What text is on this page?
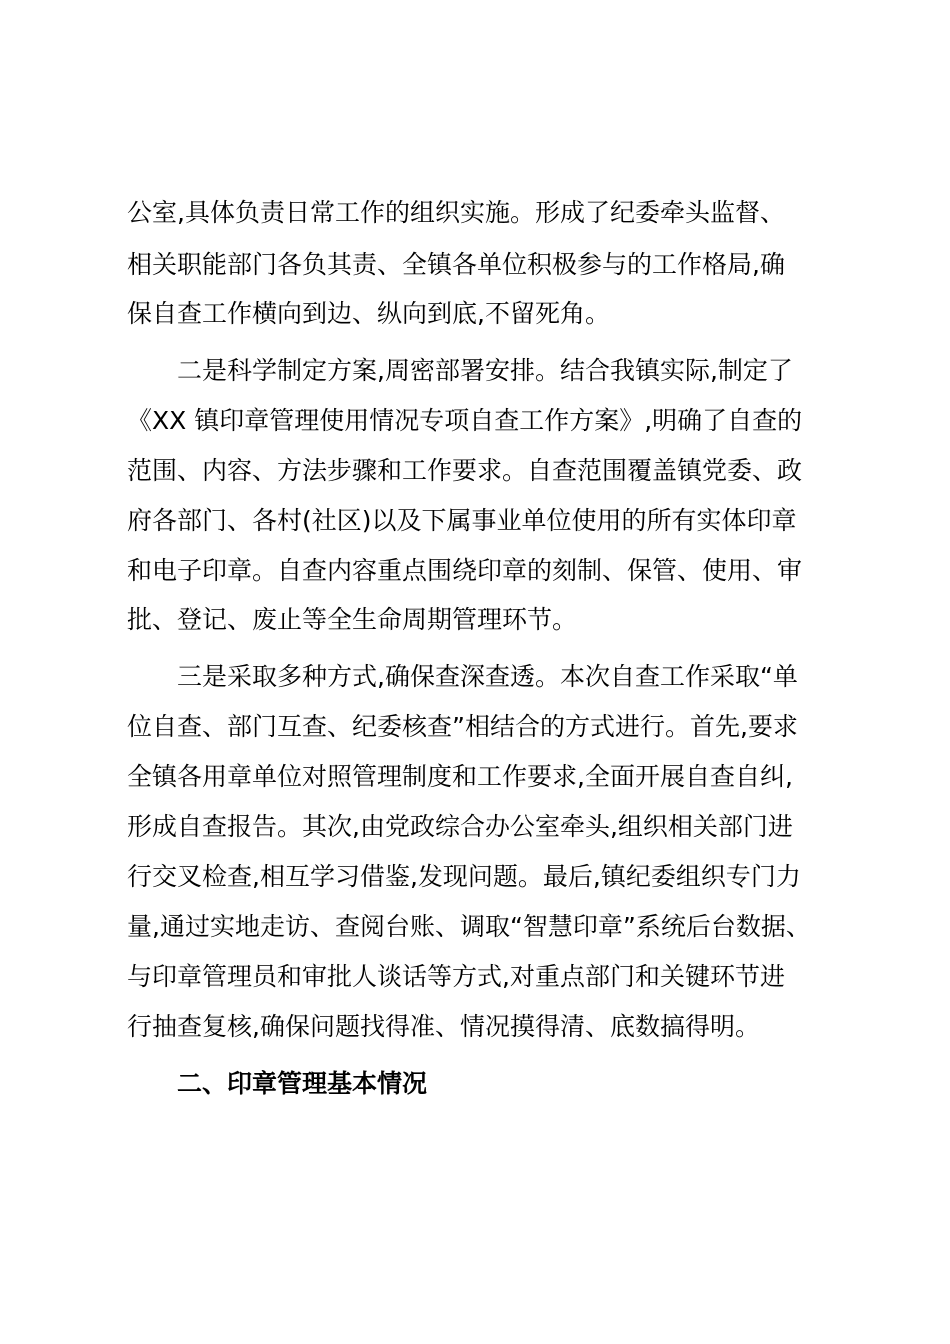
公室,具体负责日常工作的组织实施。形成了纪委牵头监督、
相关职能部门各负其责、全镇各单位积极参与的工作格局,确
保自查工作横向到边、纵向到底,不留死角。
二是科学制定方案,周密部署安排。结合我镇实际,制定了
《XX 镇印章管理使用情况专项自查工作方案》,明确了自查的
范围、内容、方法步骤和工作要求。自查范围覆盖镇党委、政
府各部门、各村(社区)以及下属事业单位使用的所有实体印章
和电子印章。自查内容重点围绕印章的刻制、保管、使用、审
批、登记、废止等全生命周期管理环节。
三是采取多种方式,确保查深查透。本次自查工作采取“单
位自查、部门互查、纪委核查”相结合的方式进行。首先,要求
全镇各用章单位对照管理制度和工作要求,全面开展自查自纠,
形成自查报告。其次,由党政综合办公室牵头,组织相关部门进
行交叉检查,相互学习借鉴,发现问题。最后,镇纪委组织专门力
量,通过实地走访、查阅台账、调取“智慧印章”系统后台数据、
与印章管理员和审批人谈话等方式,对重点部门和关键环节进
行抽查复核,确保问题找得准、情况摸得清、底数搞得明。
二、印章管理基本情况
